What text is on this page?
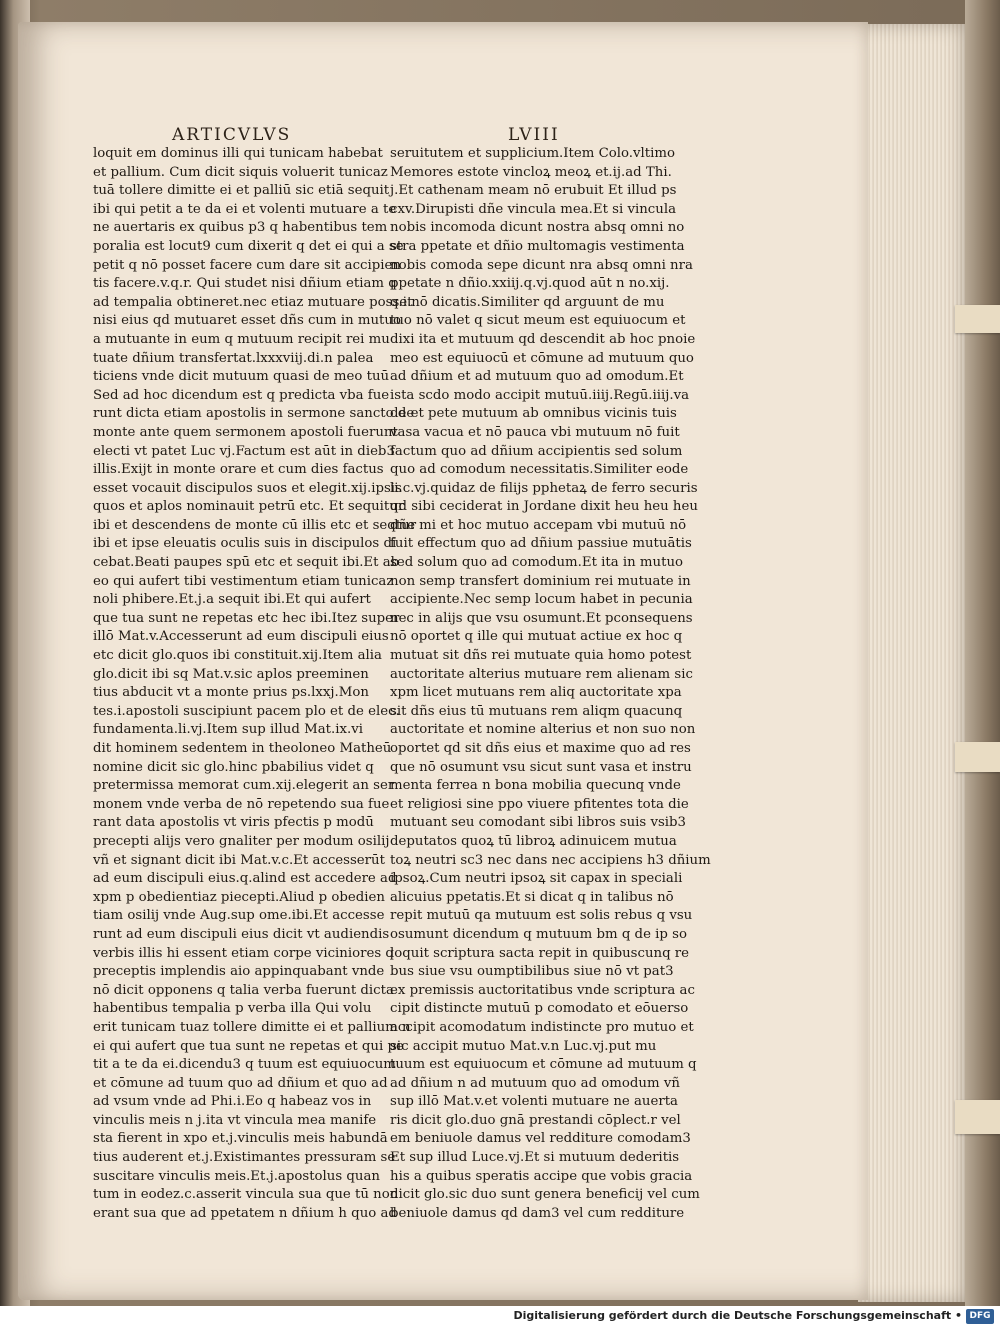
ARTICVLVS	LVIII
loquit em dominus illi qui tunicam habebat
et pallium. Cum dicit siquis voluerit tunicaz
tuā tollere dimitte ei et palliū sic etiā sequit
ibi qui petit a te da ei et volenti mutuare a te
ne auertaris ex quibus p3 q habentibus tem
poralia est locut9 cum dixerit q det ei qui a se
petit q nō posset facere cum dare sit accipien
tis facere.v.q.r. Qui studet nisi dñium etiam q
ad tempalia obtineret.nec etiaz mutuare posset
nisi eius qd mutuaret esset dñs cum in mutuo
a mutuante in eum q mutuum recipit rei mu
tuate dñium transfertat.lxxxviij.di.n palea
ticiens vnde dicit mutuum quasi de meo tuū
Sed ad hoc dicendum est q predicta vba fue
runt dicta etiam apostolis in sermone sancto de
monte ante quem sermonem apostoli fuerunt
electi vt patet Luc vj.Factum est aūt in dieb3
illis.Exijt in monte orare et cum dies factus
esset vocauit discipulos suos et elegit.xij.ipsis
quos et aplos nominauit petrū etc. Et sequitur
ibi et descendens de monte cū illis etc et seqtur
ibi et ipse eleuatis oculis suis in discipulos di
cebat.Beati paupes spū etc et sequit ibi.Et ab
eo qui aufert tibi vestimentum etiam tunicaz
noli phibere.Et.j.a sequit ibi.Et qui aufert
que tua sunt ne repetas etc hec ibi.Itez super
illō Mat.v.Accesserunt ad eum discipuli eius
etc dicit glo.quos ibi constituit.xij.Item alia
glo.dicit ibi sq Mat.v.sic aplos preeminen
tius abducit vt a monte prius ps.lxxj.Mon
tes.i.apostoli suscipiunt pacem plo et de elec.
fundamenta.li.vj.Item sup illud Mat.ix.vi
dit hominem sedentem in theoloneo Matheū
nomine dicit sic glo.hinc pbabilius videt q
pretermissa memorat cum.xij.elegerit an ser
monem vnde verba de nō repetendo sua fue
rant data apostolis vt viris pfectis p modū
precepti alijs vero gnaliter per modum osilij
vñ et signant dicit ibi Mat.v.c.Et accesserūt
ad eum discipuli eius.q.alind est accedere ad
xpm p obedientiaz piecepti.Aliud p obedien
tiam osilij vnde Aug.sup ome.ibi.Et accesse
runt ad eum discipuli eius dicit vt audiendis
verbis illis hi essent etiam corpe viciniores q
preceptis implendis aio appinquabant vnde
nō dicit opponens q talia verba fuerunt dicta
habentibus tempalia p verba illa Qui volu
erit tunicam tuaz tollere dimitte ei et pallium n
ei qui aufert que tua sunt ne repetas et qui pe
tit a te da ei.dicendu3 q tuum est equiuocum
et cōmune ad tuum quo ad dñium et quo ad
ad vsum vnde ad Phi.i.Eo q habeaz vos in
vinculis meis n j.ita vt vincula mea manife
sta fierent in xpo et.j.vinculis meis habundā
tius auderent et.j.Existimantes pressuram se
suscitare vinculis meis.Et.j.apostolus quan
tum in eodez.c.asserit vincula sua que tū non
erant sua que ad ppetatem n dñium h quo ad
seruitutem et supplicium.Item Colo.vltimo
Memores estote vincloꝝ meoꝝ et.ij.ad Thi.
j.Et cathenam meam nō erubuit Et illud ps
cxv.Dirupisti dñe vincula mea.Et si vincula
nobis incomoda dicunt nostra absq omni no
stra ppetate et dñio multomagis vestimenta
nobis comoda sepe dicunt nra absq omni nra
ppetate n dñio.xxiij.q.vj.quod aūt n no.xij.
q.i.nō dicatis.Similiter qd arguunt de mu
tuo nō valet q sicut meum est equiuocum et
dixi ita et mutuum qd descendit ab hoc pnoie
meo est equiuocū et cōmune ad mutuum quo
ad dñium et ad mutuum quo ad omodum.Et
ista scdo modo accipit mutuū.iiij.Regū.iiij.va
de et pete mutuum ab omnibus vicinis tuis
vasa vacua et nō pauca vbi mutuum nō fuit
factum quo ad dñium accipientis sed solum
quo ad comodum necessitatis.Similiter eode
li.c.vj.quidaz de filijs pphetaꝝ de ferro securis
qd sibi ceciderat in Jordane dixit heu heu heu
dñe mi et hoc mutuo accepam vbi mutuū nō
fuit effectum quo ad dñium passiue mutuātis
sed solum quo ad comodum.Et ita in mutuo
non semp transfert dominium rei mutuate in
accipiente.Nec semp locum habet in pecunia
nec in alijs que vsu osumunt.Et pconsequens
nō oportet q ille qui mutuat actiue ex hoc q
mutuat sit dñs rei mutuate quia homo potest
auctoritate alterius mutuare rem alienam sic
xpm licet mutuans rem aliq auctoritate xpa
sit dñs eius tū mutuans rem aliqm quacunq
auctoritate et nomine alterius et non suo non
oportet qd sit dñs eius et maxime quo ad res
que nō osumunt vsu sicut sunt vasa et instru
menta ferrea n bona mobilia quecunq vnde
et religiosi sine ppo viuere pfitentes tota die
mutuant seu comodant sibi libros suis vsib3
deputatos quoꝝ tū libroꝝ adinuicem mutua
toꝝ neutri sc3 nec dans nec accipiens h3 dñium
ipsoꝝ.Cum neutri ipsoꝝ sit capax in speciali
alicuius ppetatis.Et si dicat q in talibus nō
repit mutuū qa mutuum est solis rebus q vsu
osumunt dicendum q mutuum bm q de ip so
loquit scriptura sacta repit in quibuscunq re
bus siue vsu oumptibilibus siue nō vt pat3
ex premissis auctoritatibus vnde scriptura ac
cipit distincte mutuū p comodato et eōuerso
accipit acomodatum indistincte pro mutuo et
sic accipit mutuo Mat.v.n Luc.vj.put mu
tuum est equiuocum et cōmune ad mutuum q
ad dñium n ad mutuum quo ad omodum vñ
sup illō Mat.v.et volenti mutuare ne auerta
ris dicit glo.duo gnā prestandi cōplect.r vel
em beniuole damus vel redditure comodam3
Et sup illud Luce.vj.Et si mutuum dederitis
his a quibus speratis accipe que vobis gracia
dicit glo.sic duo sunt genera beneficij vel cum
beniuole damus qd dam3 vel cum redditure
Digitalisierung gefördert durch die Deutsche Forschungsgemeinschaft • DFG
